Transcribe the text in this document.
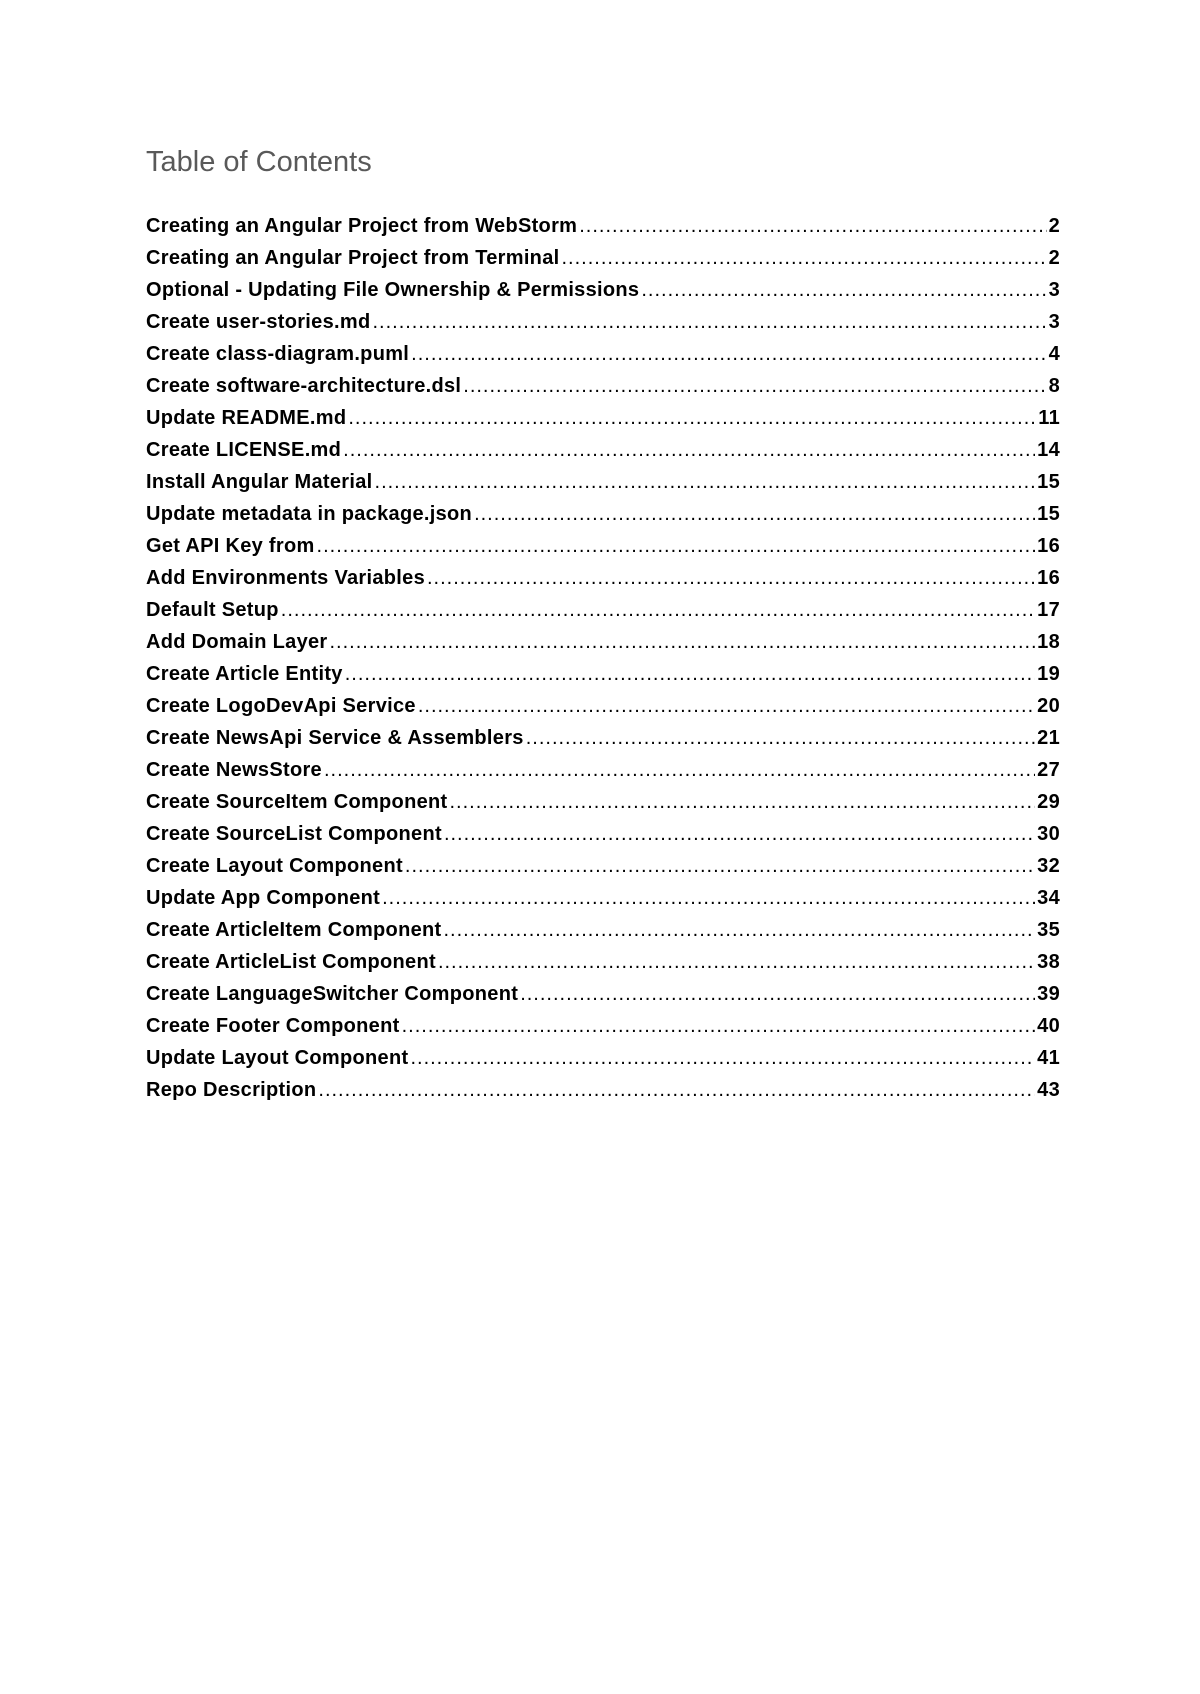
Table of Contents
Creating an Angular Project from WebStorm .....	2
Creating an Angular Project from Terminal .....	2
Optional - Updating File Ownership & Permissions .....	3
Create user-stories.md .....	3
Create class-diagram.puml .....	4
Create software-architecture.dsl .....	8
Update README.md .....	11
Create LICENSE.md .....	14
Install Angular Material .....	15
Update metadata in package.json .....	15
Get API Key from .....	16
Add Environments Variables .....	16
Default Setup .....	17
Add Domain Layer .....	18
Create Article Entity .....	19
Create LogoDevApi Service .....	20
Create NewsApi Service & Assemblers .....	21
Create NewsStore .....	27
Create SourceItem Component .....	29
Create SourceList Component .....	30
Create Layout Component .....	32
Update App Component .....	34
Create ArticleItem Component .....	35
Create ArticleList Component .....	38
Create LanguageSwitcher Component .....	39
Create Footer Component .....	40
Update Layout Component .....	41
Repo Description .....	43
